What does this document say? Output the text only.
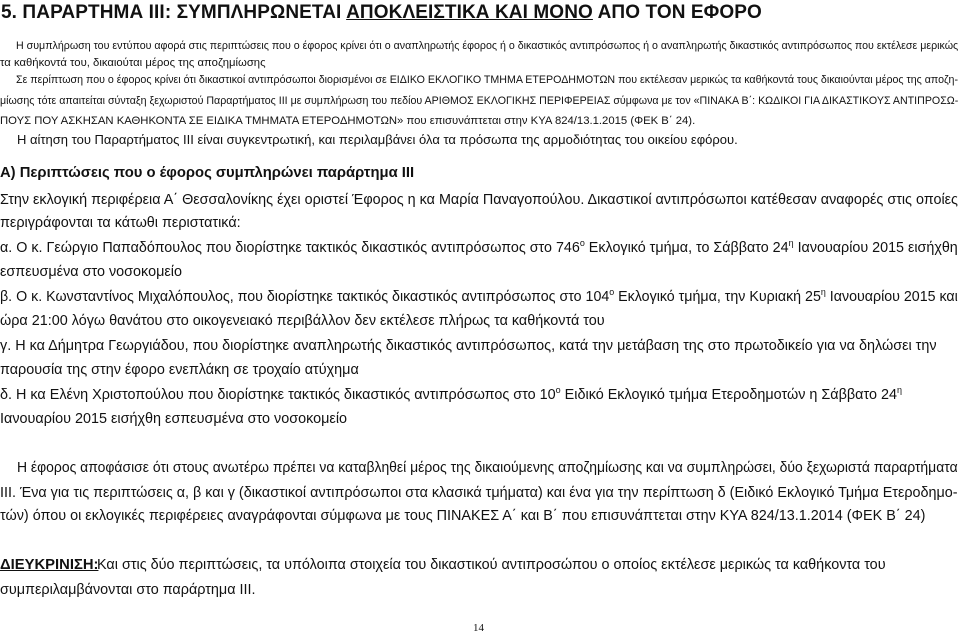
5. ΠΑΡΑΡΤΗΜΑ ΙΙΙ: ΣΥΜΠΛΗΡΩΝΕΤΑΙ ΑΠΟΚΛΕΙΣΤΙΚΑ ΚΑΙ ΜΟΝΟ ΑΠΟ ΤΟΝ ΕΦΟΡΟ
Η συμπλήρωση του εντύπου αφορά στις περιπτώσεις που ο έφορος κρίνει ότι ο αναπληρωτής έφορος ή ο δικαστικός αντιπρόσωπος ή ο αναπληρωτής δικαστικός αντιπρόσωπος που εκτέλεσε μερικώς
τα καθήκοντά του, δικαιούται μέρος της αποζημίωσης
Σε περίπτωση που ο έφορος κρίνει ότι δικαστικοί αντιπρόσωποι διορισμένοι σε ΕΙΔΙΚΟ ΕΚΛΟΓΙΚΟ ΤΜΗΜΑ ΕΤΕΡΟΔΗΜΟΤΩΝ που εκτέλεσαν μερικώς τα καθήκοντά τους δικαιούνται μέρος της αποζη-
μίωσης τότε απαιτείται σύνταξη ξεχωριστού Παραρτήματος ΙΙΙ με συμπλήρωση του πεδίου ΑΡΙΘΜΟΣ ΕΚΛΟΓΙΚΗΣ ΠΕΡΙΦΕΡΕΙΑΣ σύμφωνα με τον «ΠΙΝΑΚΑ Β΄: ΚΩΔΙΚΟΙ ΓΙΑ ΔΙΚΑΣΤΙΚΟΥΣ ΑΝΤΙΠΡΟΣΩ-
ΠΟΥΣ ΠΟΥ ΑΣΚΗΣΑΝ ΚΑΘΗΚΟΝΤΑ ΣΕ ΕΙΔΙΚΑ ΤΜΗΜΑΤΑ ΕΤΕΡΟΔΗΜΟΤΩΝ» που επισυνάπτεται στην ΚΥΑ 824/13.1.2015 (ΦΕΚ Β΄ 24).
Η αίτηση του Παραρτήματος ΙΙΙ είναι συγκεντρωτική, και περιλαμβάνει όλα τα πρόσωπα της αρμοδιότητας του οικείου εφόρου.
Α) Περιπτώσεις που ο έφορος συμπληρώνει παράρτημα ΙΙΙ
Στην εκλογική περιφέρεια Α΄ Θεσσαλονίκης έχει οριστεί Έφορος η κα Μαρία Παναγοπούλου. Δικαστικοί αντιπρόσωποι κατέθεσαν αναφορές στις οποίες
περιγράφονται τα κάτωθι περιστατικά:
α. Ο κ. Γεώργιο Παπαδόπουλος που διορίστηκε τακτικός δικαστικός αντιπρόσωπος στο $746^o$ Εκλογικό τμήμα, το Σάββατο $24^\eta$ Ιανουαρίου 2015 εισήχθη
εσπευσμένα στο νοσοκομείο
β. Ο κ. Κωνσταντίνος Μιχαλόπουλος, που διορίστηκε τακτικός δικαστικός αντιπρόσωπος στο $104^o$ Εκλογικό τμήμα, την Κυριακή $25^\eta$ Ιανουαρίου 2015 και
ώρα 21:00 λόγω θανάτου στο οικογενειακό περιβάλλον δεν εκτέλεσε πλήρως τα καθήκοντά του
γ. Η κα Δήμητρα Γεωργιάδου, που διορίστηκε αναπληρωτής δικαστικός αντιπρόσωπος, κατά την μετάβαση της στο πρωτοδικείο για να δηλώσει την
παρουσία της στην έφορο ενεπλάκη σε τροχαίο ατύχημα
δ. Η κα Ελένη Χριστοπούλου που διορίστηκε τακτικός δικαστικός αντιπρόσωπος στο $10^o$ Ειδικό Εκλογικό τμήμα Ετεροδημοτών η Σάββατο $24^\eta$
Ιανουαρίου 2015 εισήχθη εσπευσμένα στο νοσοκομείο
Η έφορος αποφάσισε ότι στους ανωτέρω πρέπει να καταβληθεί μέρος της δικαιούμενης αποζημίωσης και να συμπληρώσει, δύο ξεχωριστά παραρτήματα
ΙΙΙ. Ένα για τις περιπτώσεις α, β και γ (δικαστικοί αντιπρόσωποι στα κλασικά τμήματα) και ένα για την περίπτωση δ (Ειδικό Εκλογικό Τμήμα Ετεροδημο-
τών) όπου οι εκλογικές περιφέρειες αναγράφονται σύμφωνα με τους ΠΙΝΑΚΕΣ Α΄ και Β΄ που επισυνάπτεται στην ΚΥΑ 824/13.1.2014 (ΦΕΚ Β΄ 24)
ΔΙΕΥΚΡΙΝΙΣΗ:
Και στις δύο περιπτώσεις, τα υπόλοιπα στοιχεία του δικαστικού αντιπροσώπου ο οποίος εκτέλεσε μερικώς τα καθήκοντα του
συμπεριλαμβάνονται στο παράρτημα ΙΙΙ.
14
